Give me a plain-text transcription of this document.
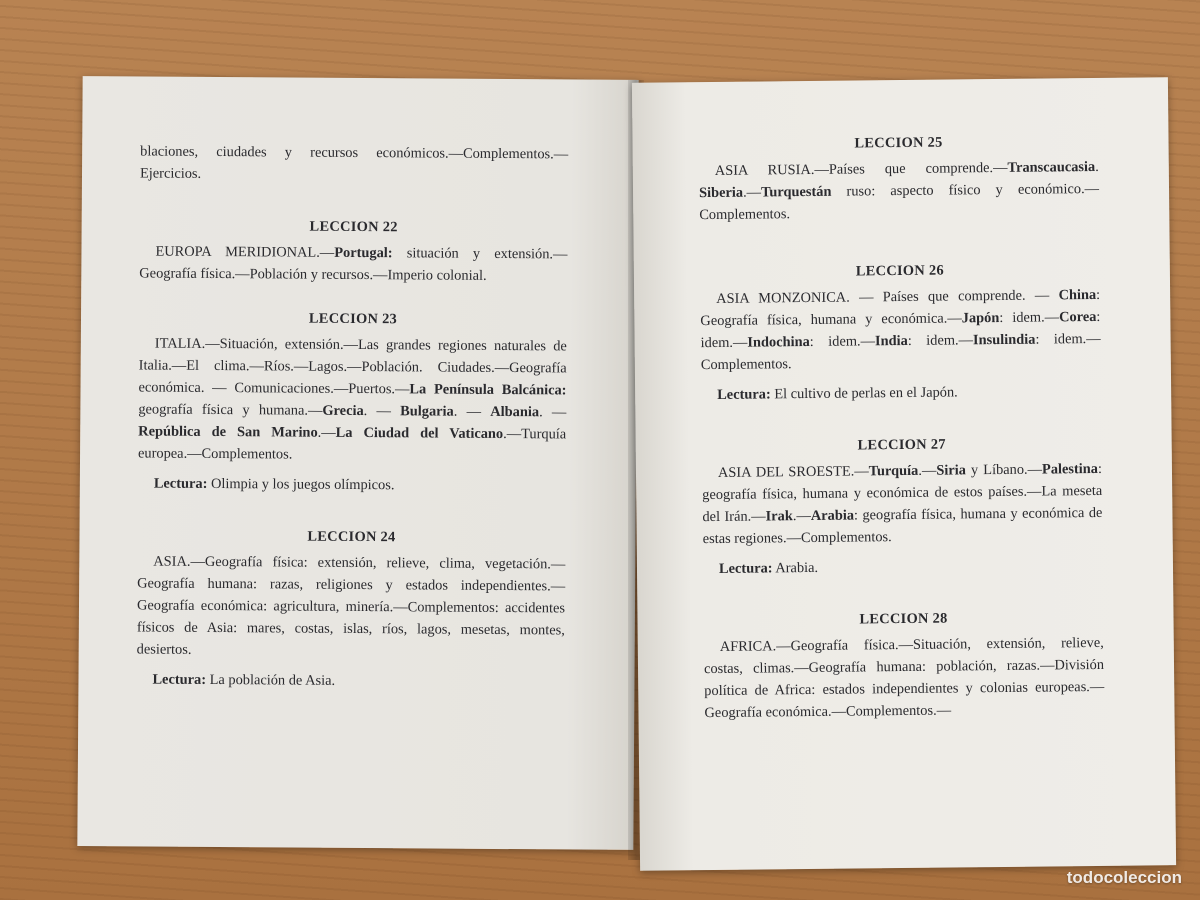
blaciones, ciudades y recursos económicos.—Complementos.—Ejercicios.

LECCION 22

EUROPA MERIDIONAL.—Portugal: situación y extensión.—Geografía física.—Población y recursos.—Imperio colonial.

LECCION 23

ITALIA.—Situación, extensión.—Las grandes regiones naturales de Italia.—El clima.—Ríos.—Lagos.—Población. Ciudades.—Geografía económica. — Comunicaciones.—Puertos.—La Península Balcánica: geografía física y humana.—Grecia. — Bulgaria. — Albania. — República de San Marino.—La Ciudad del Vaticano.—Turquía europea.—Complementos.

Lectura: Olimpia y los juegos olímpicos.

LECCION 24

ASIA.—Geografía física: extensión, relieve, clima, vegetación.—Geografía humana: razas, religiones y estados independientes.—Geografía económica: agricultura, minería.—Complementos: accidentes físicos de Asia: mares, costas, islas, ríos, lagos, mesetas, montes, desiertos.

Lectura: La población de Asia.

LECCION 25

ASIA RUSIA.—Países que comprende.—Transcaucasia. Siberia.—Turquestán ruso: aspecto físico y económico.—Complementos.

LECCION 26

ASIA MONZONICA. — Países que comprende. — China: Geografía física, humana y económica.—Japón: idem.—Corea: idem.—Indochina: idem.—India: idem.—Insulindia: idem.—Complementos.

Lectura: El cultivo de perlas en el Japón.

LECCION 27

ASIA DEL SROESTE.—Turquía.—Siria y Líbano.—Palestina: geografía física, humana y económica de estos países.—La meseta del Irán.—Irak.—Arabia: geografía física, humana y económica de estas regiones.—Complementos.

Lectura: Arabia.

LECCION 28

AFRICA.—Geografía física.—Situación, extensión, relieve, costas, climas.—Geografía humana: población, razas.—División política de Africa: estados independientes y colonias europeas.—Geografía económica.—Complementos.—

todocoleccion
